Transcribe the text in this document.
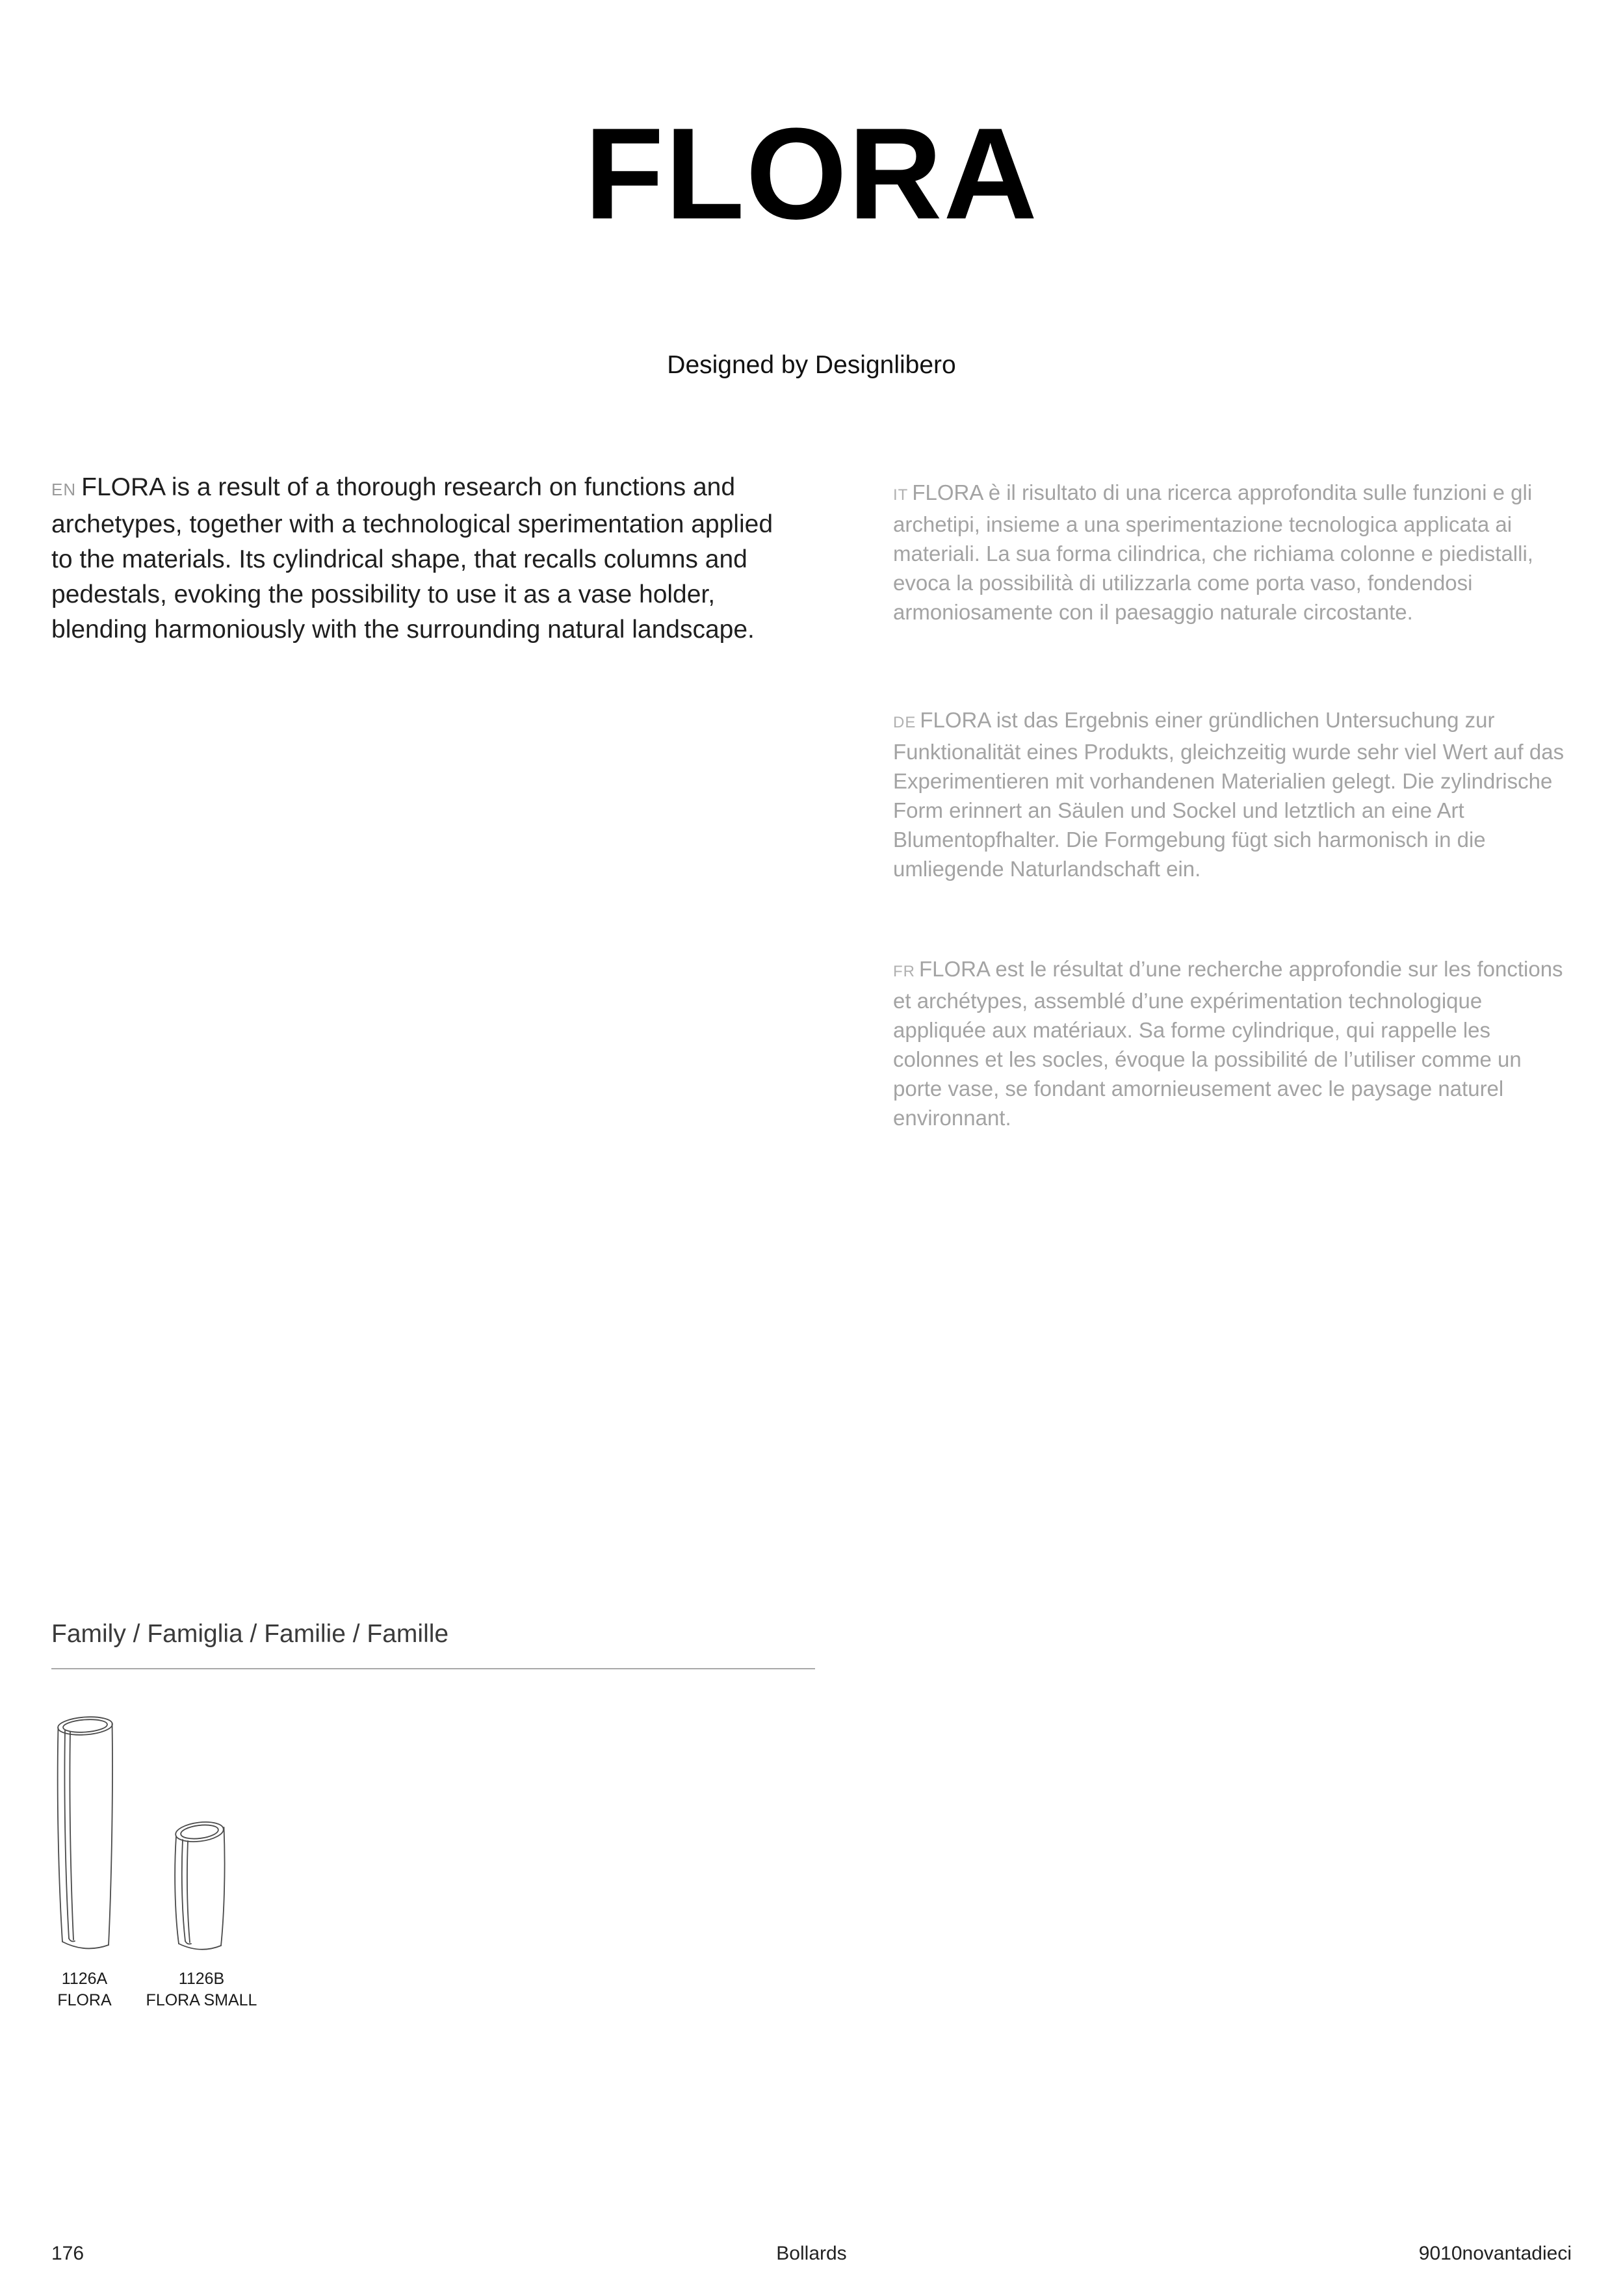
FLORA
Designed by Designlibero

EN FLORA is a result of a thorough research on functions and archetypes, together with a technological sperimentation applied to the materials. Its cylindrical shape, that recalls columns and pedestals, evoking the possibility to use it as a vase holder, blending harmoniously with the surrounding natural landscape.

IT FLORA è il risultato di una ricerca approfondita sulle funzioni e gli archetipi, insieme a una sperimentazione tecnologica applicata ai materiali. La sua forma cilindrica, che richiama colonne e piedistalli, evoca la possibilità di utilizzarla come porta vaso, fondendosi armoniosamente con il paesaggio naturale circostante.

DE FLORA ist das Ergebnis einer gründlichen Untersuchung zur Funktionalität eines Produkts, gleichzeitig wurde sehr viel Wert auf das Experimentieren mit vorhandenen Materialien gelegt. Die zylindrische Form erinnert an Säulen und Sockel und letztlich an eine Art Blumentopfhalter. Die Formgebung fügt sich harmonisch in die umliegende Naturlandschaft ein.

FR FLORA est le résultat d’une recherche approfondie sur les fonctions et archétypes, assemblé d’une expérimentation technologique appliquée aux matériaux. Sa forme cylindrique, qui rappelle les colonnes et les socles, évoque la possibilité de l’utiliser comme un porte vase, se fondant amornieusement avec le paysage naturel environnant.

Family / Famiglia / Familie / Famille
1126A
FLORA
1126B
FLORA SMALL
176	Bollards	9010novantadieci
